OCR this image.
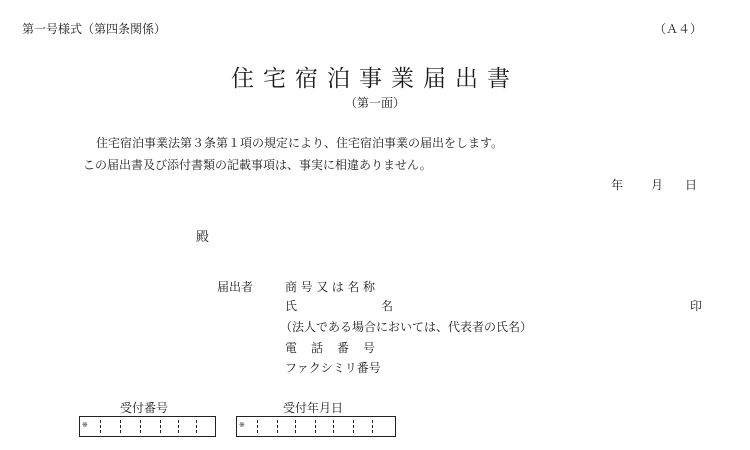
第一号様式（第四条関係）	（Ａ４）
住宅宿泊事業届出書
（第一面）
住宅宿泊事業法第３条第１項の規定により、住宅宿泊事業の届出をします。
この届出書及び添付書類の記載事項は、事実に相違ありません。
年 月 日
殿
届出者	商号又は名称
氏	名	印
（法人である場合においては、代表者の氏名）
電 話 番 号
ファクシミリ番号
受付番号	受付年月日
※	※
